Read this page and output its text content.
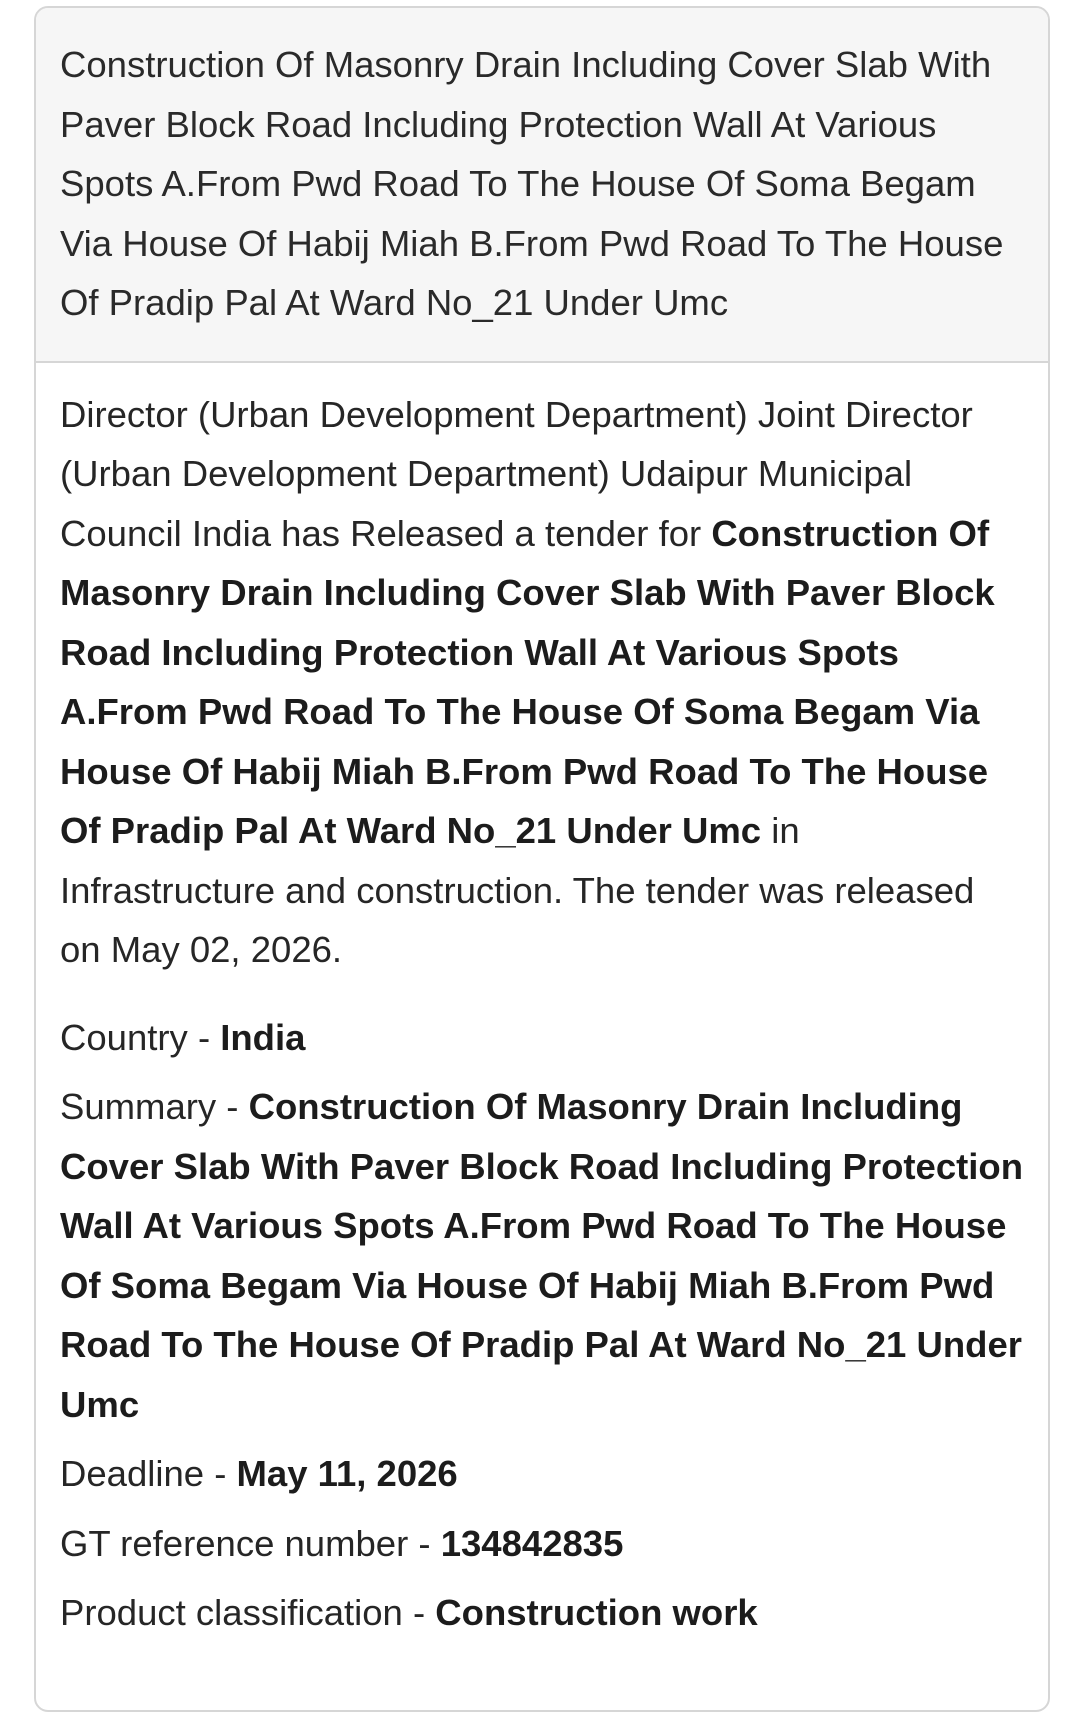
Construction Of Masonry Drain Including Cover Slab With Paver Block Road Including Protection Wall At Various Spots A.From Pwd Road To The House Of Soma Begam Via House Of Habij Miah B.From Pwd Road To The House Of Pradip Pal At Ward No_21 Under Umc
Director (Urban Development Department) Joint Director (Urban Development Department) Udaipur Municipal Council India has Released a tender for Construction Of Masonry Drain Including Cover Slab With Paver Block Road Including Protection Wall At Various Spots A.From Pwd Road To The House Of Soma Begam Via House Of Habij Miah B.From Pwd Road To The House Of Pradip Pal At Ward No_21 Under Umc in Infrastructure and construction. The tender was released on May 02, 2026.
Country - India
Summary - Construction Of Masonry Drain Including Cover Slab With Paver Block Road Including Protection Wall At Various Spots A.From Pwd Road To The House Of Soma Begam Via House Of Habij Miah B.From Pwd Road To The House Of Pradip Pal At Ward No_21 Under Umc
Deadline - May 11, 2026
GT reference number - 134842835
Product classification - Construction work
